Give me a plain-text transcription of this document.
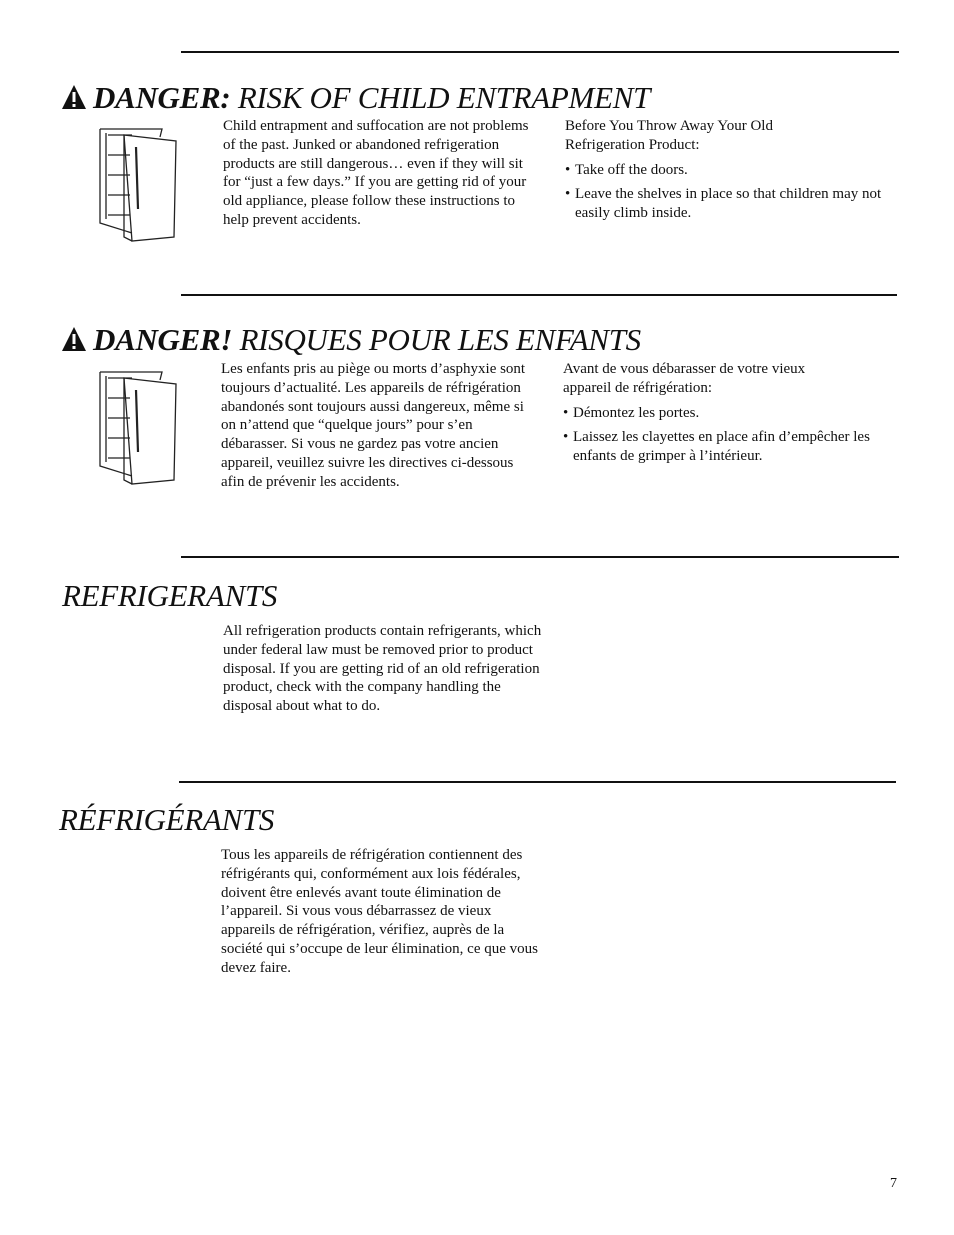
DANGER: RISK OF CHILD ENTRAPMENT

Child entrapment and suffocation are not problems of the past. Junked or abandoned refrigeration products are still dangerous… even if they will sit for “just a few days.” If you are getting rid of your old appliance, please follow these instructions to help prevent accidents.

Before You Throw Away Your Old Refrigeration Product:

• Take off the doors.
• Leave the shelves in place so that children may not easily climb inside.
DANGER! RISQUES POUR LES ENFANTS

Les enfants pris au piège ou morts d’asphyxie sont toujours d’actualité. Les appareils de réfrigération abandonés sont toujours aussi dangereux, même si on n’attend que “quelque jours” pour s’en débarasser. Si vous ne gardez pas votre ancien appareil, veuillez suivre les directives ci-dessous afin de prévenir les accidents.

Avant de vous débarasser de votre vieux appareil de réfrigération:

• Démontez les portes.
• Laissez les clayettes en place afin d’empêcher les enfants de grimper à l’intérieur.
REFRIGERANTS

All refrigeration products contain refrigerants, which under federal law must be removed prior to product disposal. If you are getting rid of an old refrigeration product, check with the company handling the disposal about what to do.

RÉFRIGÉRANTS

Tous les appareils de réfrigération contiennent des réfrigérants qui, conformément aux lois fédérales, doivent être enlevés avant toute élimination de l’appareil. Si vous vous débarrassez de vieux appareils de réfrigération, vérifiez, auprès de la société qui s’occupe de leur élimination, ce que vous devez faire.

7
